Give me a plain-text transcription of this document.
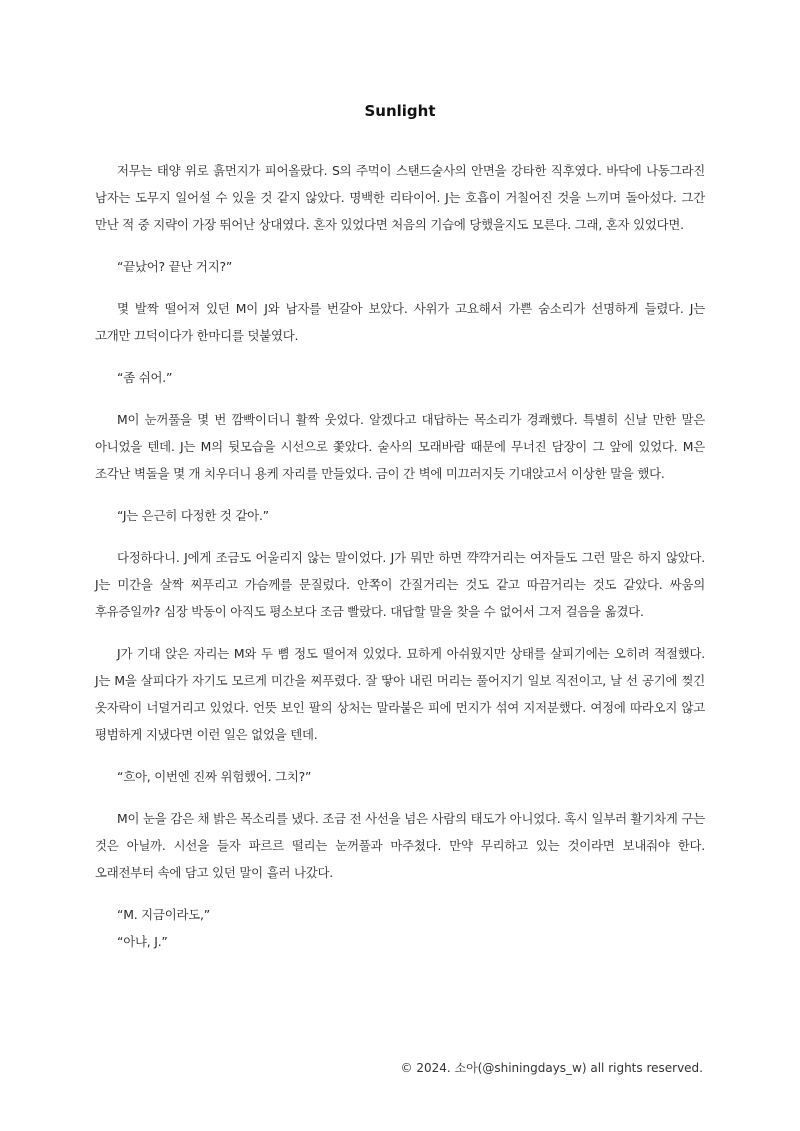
Sunlight

저무는 태양 위로 흙먼지가 피어올랐다. S의 주먹이 스탠드술사의 안면을 강타한 직후였다. 바닥에 나동그라진 남자는 도무지 일어설 수 있을 것 같지 않았다. 명백한 리타이어. J는 호흡이 거칠어진 것을 느끼며 돌아섰다. 그간 만난 적 중 지략이 가장 뛰어난 상대였다. 혼자 있었다면 처음의 기습에 당했을지도 모른다. 그래, 혼자 있었다면.

“끝났어? 끝난 거지?”

몇 발짝 떨어져 있던 M이 J와 남자를 번갈아 보았다. 사위가 고요해서 가쁜 숨소리가 선명하게 들렸다. J는 고개만 끄덕이다가 한마디를 덧붙였다.

“좀 쉬어.”

M이 눈꺼풀을 몇 번 깜빡이더니 활짝 웃었다. 알겠다고 대답하는 목소리가 경쾌했다. 특별히 신날 만한 말은 아니었을 텐데. J는 M의 뒷모습을 시선으로 쫓았다. 술사의 모래바람 때문에 무너진 담장이 그 앞에 있었다. M은 조각난 벽돌을 몇 개 치우더니 용케 자리를 만들었다. 금이 간 벽에 미끄러지듯 기대앉고서 이상한 말을 했다.

“J는 은근히 다정한 것 같아.”

다정하다니. J에게 조금도 어울리지 않는 말이었다. J가 뭐만 하면 꺅꺅거리는 여자들도 그런 말은 하지 않았다. J는 미간을 살짝 찌푸리고 가슴께를 문질렀다. 안쪽이 간질거리는 것도 같고 따끔거리는 것도 같았다. 싸움의 후유증일까? 심장 박동이 아직도 평소보다 조금 빨랐다. 대답할 말을 찾을 수 없어서 그저 걸음을 옮겼다.

J가 기대 앉은 자리는 M와 두 뼘 정도 떨어져 있었다. 묘하게 아쉬웠지만 상태를 살피기에는 오히려 적절했다. J는 M을 살피다가 자기도 모르게 미간을 찌푸렸다. 잘 땋아 내린 머리는 풀어지기 일보 직전이고, 날 선 공기에 찢긴 옷자락이 너덜거리고 있었다. 언뜻 보인 팔의 상처는 말라붙은 피에 먼지가 섞여 지저분했다. 여정에 따라오지 않고 평범하게 지냈다면 이런 일은 없었을 텐데.

“흐아, 이번엔 진짜 위험했어. 그치?”

M이 눈을 감은 채 밝은 목소리를 냈다. 조금 전 사선을 넘은 사람의 태도가 아니었다. 혹시 일부러 활기차게 구는 것은 아닐까. 시선을 들자 파르르 떨리는 눈꺼풀과 마주쳤다. 만약 무리하고 있는 것이라면 보내줘야 한다. 오래전부터 속에 담고 있던 말이 흘러 나갔다.

“M. 지금이라도,”

“아냐, J.”

© 2024. 소아(@shiningdays_w) all rights reserved.
